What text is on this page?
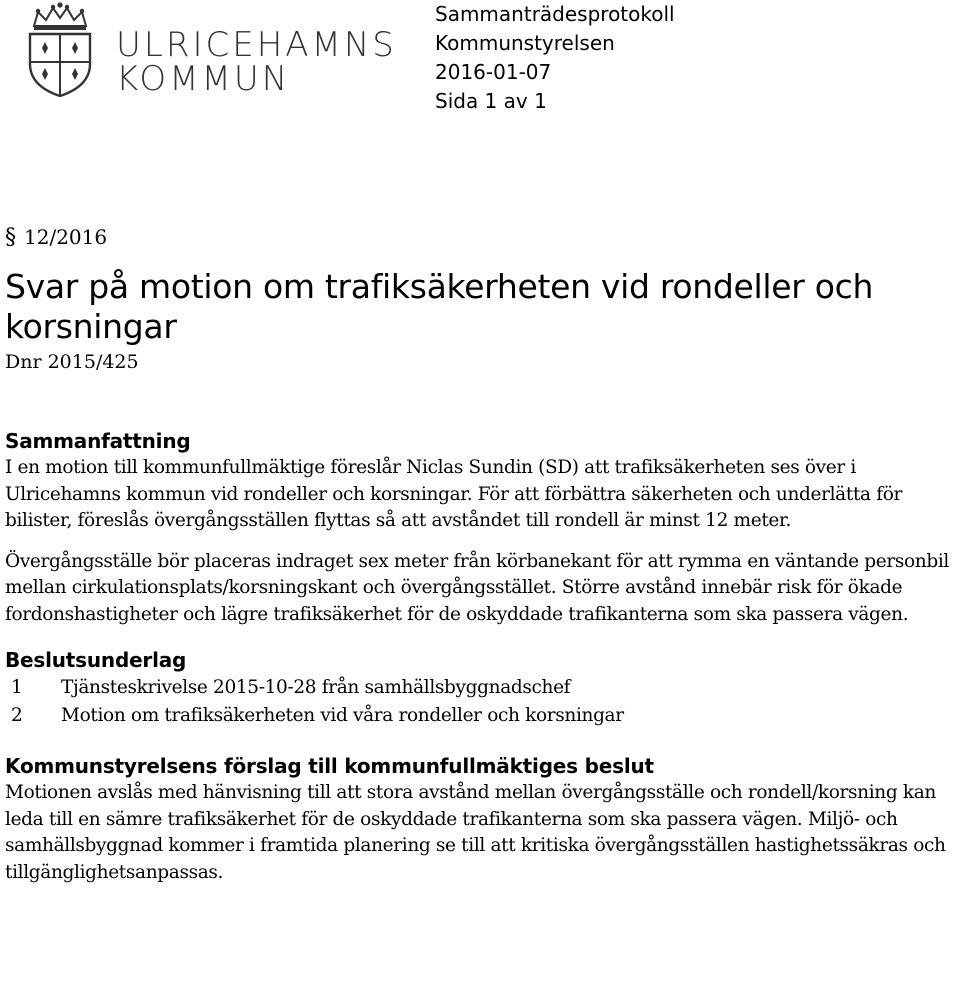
ULRICEHAMNS
KOMMUN
Sammanträdesprotokoll
Kommunstyrelsen
2016-01-07
Sida 1 av 1
§ 12/2016
Svar på motion om trafiksäkerheten vid rondeller och korsningar
Dnr 2015/425
Sammanfattning

I en motion till kommunfullmäktige föreslår Niclas Sundin (SD) att trafiksäkerheten ses över i Ulricehamns kommun vid rondeller och korsningar. För att förbättra säkerheten och underlätta för bilister, föreslås övergångsställen flyttas så att avståndet till rondell är minst 12 meter.

Övergångsställe bör placeras indraget sex meter från körbanekant för att rymma en väntande personbil mellan cirkulationsplats/korsningskant och övergångsstället. Större avstånd innebär risk för ökade fordonshastigheter och lägre trafiksäkerhet för de oskyddade trafikanterna som ska passera vägen.

Beslutsunderlag
1	Tjänsteskrivelse 2015-10-28 från samhällsbyggnadschef
2	Motion om trafiksäkerheten vid våra rondeller och korsningar
Kommunstyrelsens förslag till kommunfullmäktiges beslut

Motionen avslås med hänvisning till att stora avstånd mellan övergångsställe och rondell/korsning kan leda till en sämre trafiksäkerhet för de oskyddade trafikanterna som ska passera vägen. Miljö- och samhällsbyggnad kommer i framtida planering se till att kritiska övergångsställen hastighetssäkras och tillgänglighetsanpassas.
